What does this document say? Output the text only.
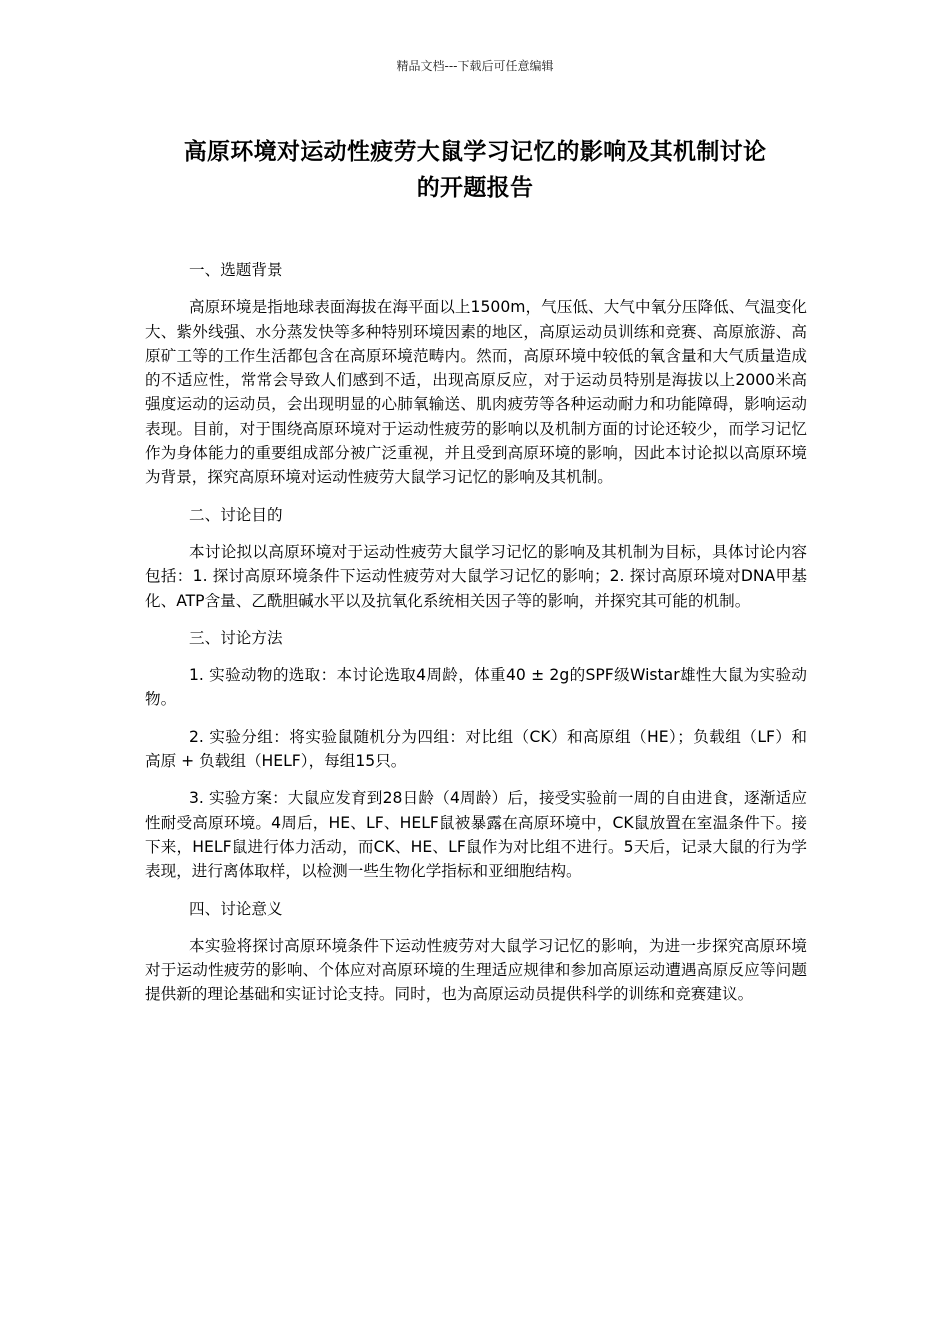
精品文档---下载后可任意编辑
高原环境对运动性疲劳大鼠学习记忆的影响及其机制讨论
的开题报告

一、选题背景

高原环境是指地球表面海拔在海平面以上1500m，气压低、大气中氧分压降低、气温变化大、紫外线强、水分蒸发快等多种特别环境因素的地区，高原运动员训练和竞赛、高原旅游、高原矿工等的工作生活都包含在高原环境范畴内。然而，高原环境中较低的氧含量和大气质量造成的不适应性，常常会导致人们感到不适，出现高原反应，对于运动员特别是海拔以上2000米高强度运动的运动员，会出现明显的心肺氧输送、肌肉疲劳等各种运动耐力和功能障碍，影响运动表现。目前，对于围绕高原环境对于运动性疲劳的影响以及机制方面的讨论还较少，而学习记忆作为身体能力的重要组成部分被广泛重视，并且受到高原环境的影响，因此本讨论拟以高原环境为背景，探究高原环境对运动性疲劳大鼠学习记忆的影响及其机制。

二、讨论目的

本讨论拟以高原环境对于运动性疲劳大鼠学习记忆的影响及其机制为目标，具体讨论内容包括：1. 探讨高原环境条件下运动性疲劳对大鼠学习记忆的影响；2. 探讨高原环境对DNA甲基化、ATP含量、乙酰胆碱水平以及抗氧化系统相关因子等的影响，并探究其可能的机制。

三、讨论方法

1. 实验动物的选取：本讨论选取4周龄，体重40 ± 2g的SPF级Wistar雄性大鼠为实验动物。

2. 实验分组：将实验鼠随机分为四组：对比组（CK）和高原组（HE）；负载组（LF）和高原 + 负载组（HELF），每组15只。

3. 实验方案：大鼠应发育到28日龄（4周龄）后，接受实验前一周的自由进食，逐渐适应性耐受高原环境。4周后，HE、LF、HELF鼠被暴露在高原环境中，CK鼠放置在室温条件下。接下来，HELF鼠进行体力活动，而CK、HE、LF鼠作为对比组不进行。5天后，记录大鼠的行为学表现，进行离体取样，以检测一些生物化学指标和亚细胞结构。

四、讨论意义

本实验将探讨高原环境条件下运动性疲劳对大鼠学习记忆的影响，为进一步探究高原环境对于运动性疲劳的影响、个体应对高原环境的生理适应规律和参加高原运动遭遇高原反应等问题提供新的理论基础和实证讨论支持。同时，也为高原运动员提供科学的训练和竞赛建议。
